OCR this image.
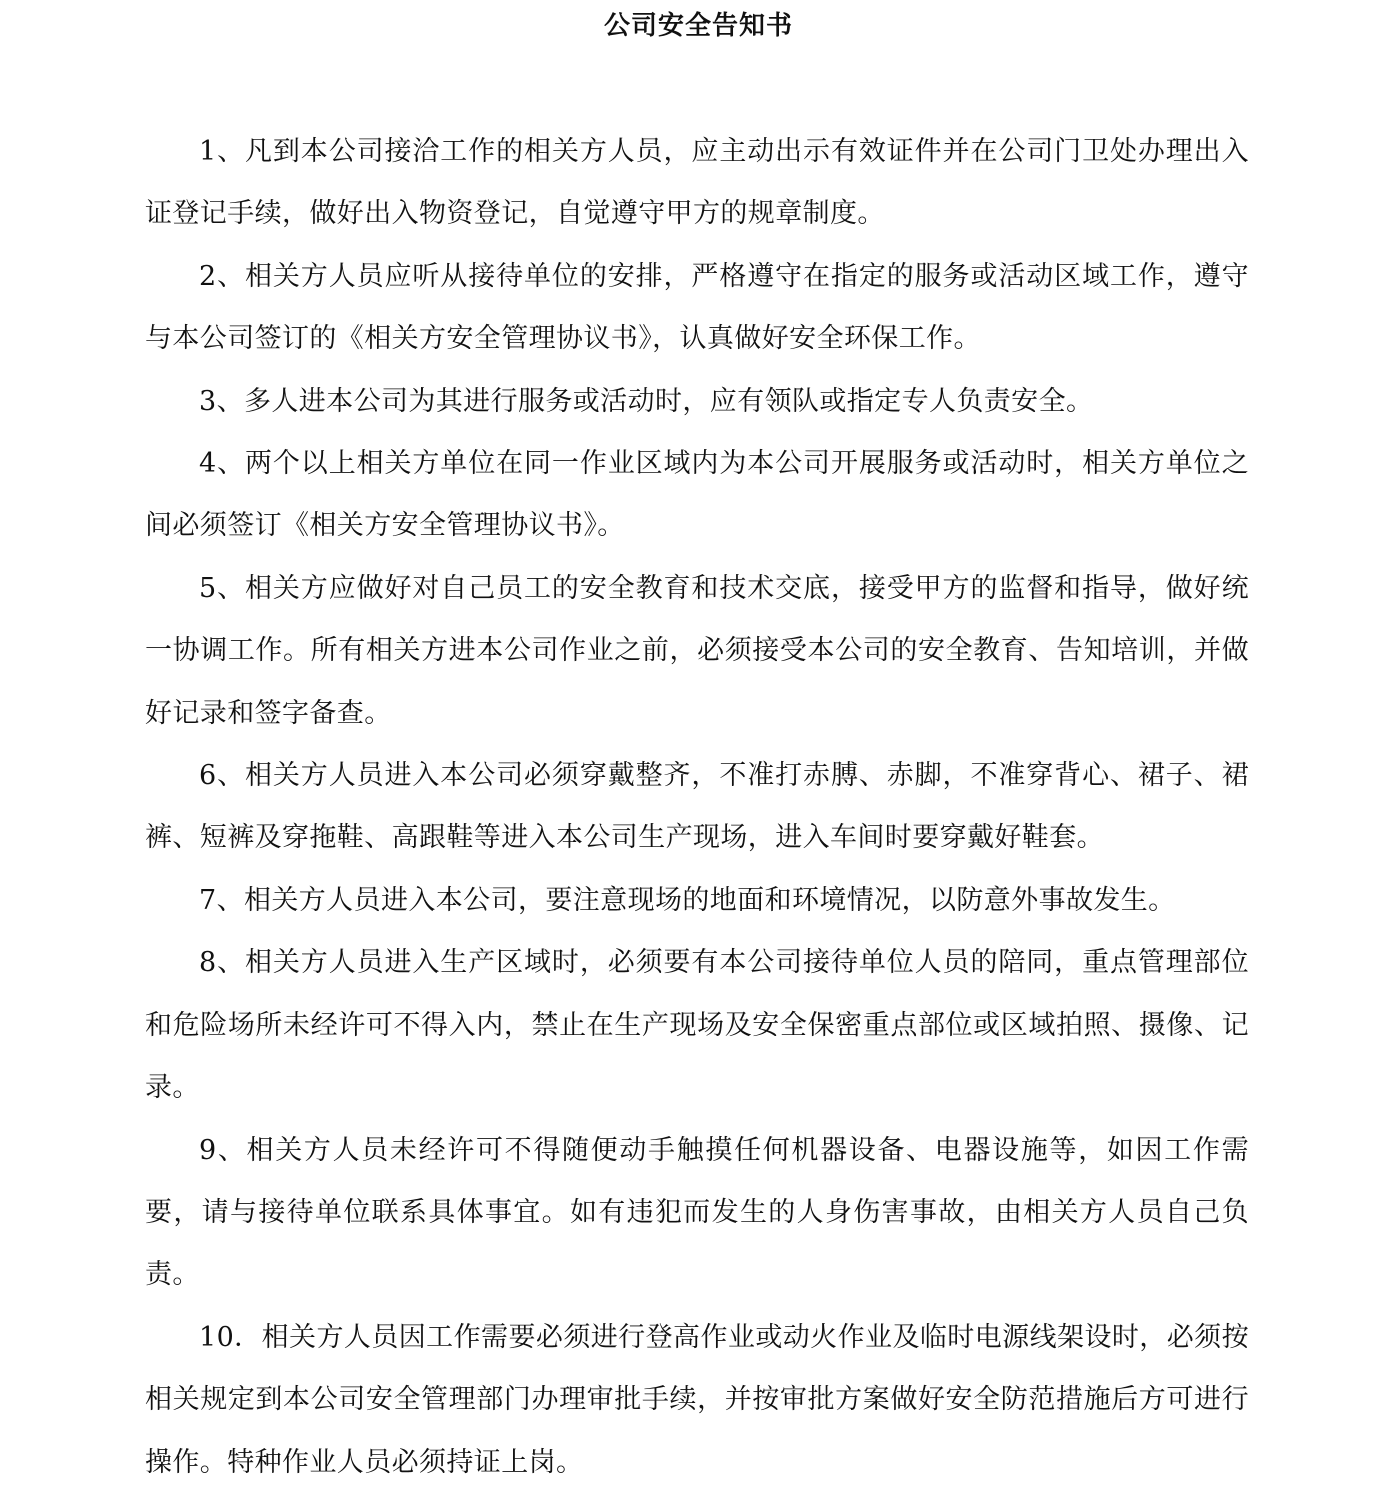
公司安全告知书

1、凡到本公司接洽工作的相关方人员，应主动出示有效证件并在公司门卫处办理出入证登记手续，做好出入物资登记，自觉遵守甲方的规章制度。

2、相关方人员应听从接待单位的安排，严格遵守在指定的服务或活动区域工作，遵守与本公司签订的《相关方安全管理协议书》，认真做好安全环保工作。

3、多人进本公司为其进行服务或活动时，应有领队或指定专人负责安全。

4、两个以上相关方单位在同一作业区域内为本公司开展服务或活动时，相关方单位之间必须签订《相关方安全管理协议书》。

5、相关方应做好对自己员工的安全教育和技术交底，接受甲方的监督和指导，做好统一协调工作。所有相关方进本公司作业之前，必须接受本公司的安全教育、告知培训，并做好记录和签字备查。

6、相关方人员进入本公司必须穿戴整齐，不准打赤膊、赤脚，不准穿背心、裙子、裙裤、短裤及穿拖鞋、高跟鞋等进入本公司生产现场，进入车间时要穿戴好鞋套。

7、相关方人员进入本公司，要注意现场的地面和环境情况，以防意外事故发生。

8、相关方人员进入生产区域时，必须要有本公司接待单位人员的陪同，重点管理部位和危险场所未经许可不得入内，禁止在生产现场及安全保密重点部位或区域拍照、摄像、记录。

9、相关方人员未经许可不得随便动手触摸任何机器设备、电器设施等，如因工作需要，请与接待单位联系具体事宜。如有违犯而发生的人身伤害事故，由相关方人员自己负责。

10．相关方人员因工作需要必须进行登高作业或动火作业及临时电源线架设时，必须按相关规定到本公司安全管理部门办理审批手续，并按审批方案做好安全防范措施后方可进行操作。特种作业人员必须持证上岗。
